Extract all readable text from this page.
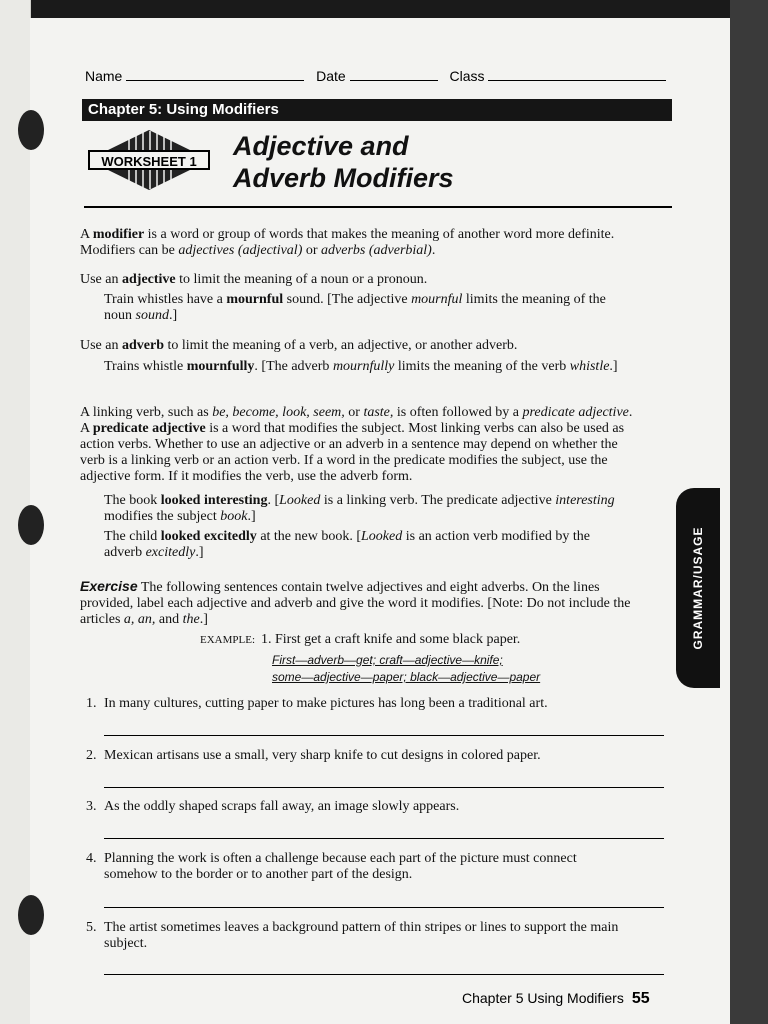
Name	Date	Class
Chapter 5: Using Modifiers
WORKSHEET 1
Adjective and
Adverb Modifiers
A modifier is a word or group of words that makes the meaning of another word more definite. Modifiers can be adjectives (adjectival) or adverbs (adverbial).
Use an adjective to limit the meaning of a noun or a pronoun.
Train whistles have a mournful sound. [The adjective mournful limits the meaning of the noun sound.]
Use an adverb to limit the meaning of a verb, an adjective, or another adverb.
Trains whistle mournfully. [The adverb mournfully limits the meaning of the verb whistle.]
A linking verb, such as be, become, look, seem, or taste, is often followed by a predicate adjective. A predicate adjective is a word that modifies the subject. Most linking verbs can also be used as action verbs. Whether to use an adjective or an adverb in a sentence may depend on whether the verb is a linking verb or an action verb. If a word in the predicate modifies the subject, use the adjective form. If it modifies the verb, use the adverb form.
The book looked interesting. [Looked is a linking verb. The predicate adjective interesting modifies the subject book.]
The child looked excitedly at the new book. [Looked is an action verb modified by the adverb excitedly.]
Exercise The following sentences contain twelve adjectives and eight adverbs. On the lines provided, label each adjective and adverb and give the word it modifies. [Note: Do not include the articles a, an, and the.]
EXAMPLE: 1. First get a craft knife and some black paper.
First—adverb—get; craft—adjective—knife;
some—adjective—paper; black—adjective—paper
1. In many cultures, cutting paper to make pictures has long been a traditional art.
2. Mexican artisans use a small, very sharp knife to cut designs in colored paper.
3. As the oddly shaped scraps fall away, an image slowly appears.
4. Planning the work is often a challenge because each part of the picture must connect somehow to the border or to another part of the design.
5. The artist sometimes leaves a background pattern of thin stripes or lines to support the main subject.
GRAMMAR/USAGE
Chapter 5 Using Modifiers 55
